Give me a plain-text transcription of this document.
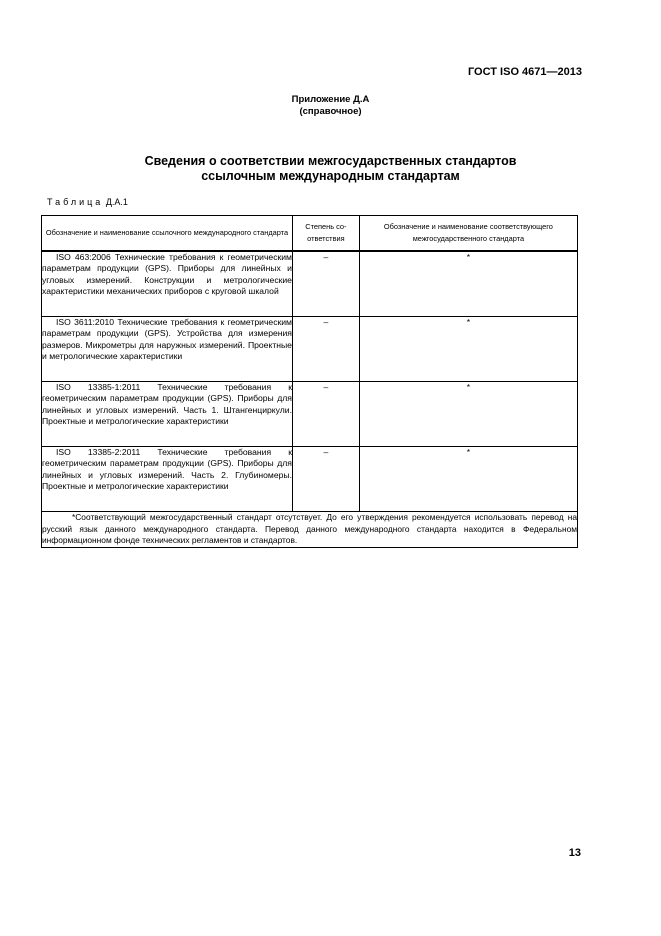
ГОСТ ISO 4671—2013
Приложение Д.А
(справочное)
Сведения о соответствии межгосударственных стандартов
ссылочным международным стандартам
Таблица Д.А.1
Обозначение и наименование ссылочного международного стандарта	Степень со-ответствия	Обозначение и наименование соответствующего межгосударственного стандарта

ISO 463:2006 Технические требования к геометрическим параметрам продукции (GPS). Приборы для линейных и угловых измерений. Конструкции и метрологические характеристики механических приборов с круговой шкалой	–	*

ISO 3611:2010 Технические требования к геометрическим параметрам продукции (GPS). Устройства для измерения размеров. Микрометры для наружных измерений. Проектные и метрологические характеристики	–	*

ISO 13385-1:2011 Технические требования к геометрическим параметрам продукции (GPS). Приборы для линейных и угловых измерений. Часть 1. Штангенциркули. Проектные и метрологические характеристики	–	*

ISO 13385-2:2011 Технические требования к геометрическим параметрам продукции (GPS). Приборы для линейных и угловых измерений. Часть 2. Глубиномеры. Проектные и метрологические характеристики	–	*

*Соответствующий межгосударственный стандарт отсутствует. До его утверждения рекомендуется использовать перевод на русский язык данного международного стандарта. Перевод данного международного стандарта находится в Федеральном информационном фонде технических регламентов и стандартов.		
13
